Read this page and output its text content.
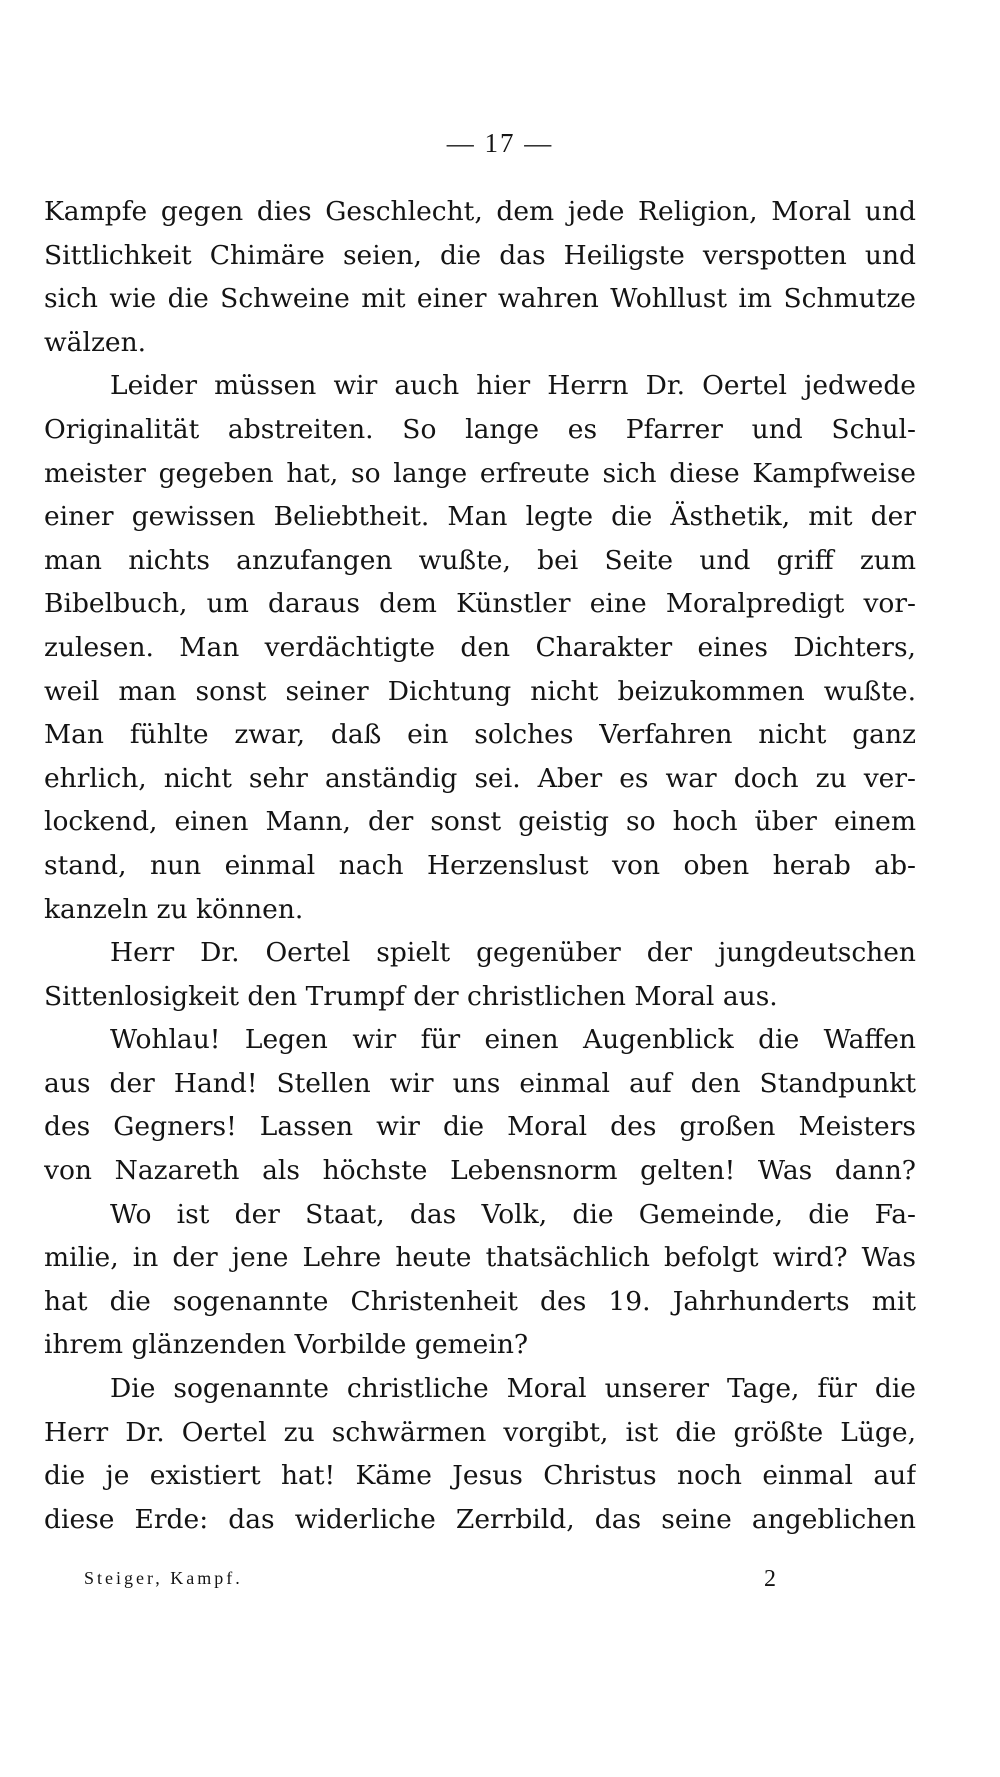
— 17 —
Kampfe gegen dies Geschlecht, dem jede Religion, Moral und
Sittlichkeit Chimäre seien, die das Heiligste verspotten und
sich wie die Schweine mit einer wahren Wohllust im Schmutze
wälzen.
Leider müssen wir auch hier Herrn Dr. Oertel jedwede
Originalität abstreiten. So lange es Pfarrer und Schul-
meister gegeben hat, so lange erfreute sich diese Kampfweise
einer gewissen Beliebtheit. Man legte die Ästhetik, mit der
man nichts anzufangen wußte, bei Seite und griff zum
Bibelbuch, um daraus dem Künstler eine Moralpredigt vor-
zulesen. Man verdächtigte den Charakter eines Dichters,
weil man sonst seiner Dichtung nicht beizukommen wußte.
Man fühlte zwar, daß ein solches Verfahren nicht ganz
ehrlich, nicht sehr anständig sei. Aber es war doch zu ver-
lockend, einen Mann, der sonst geistig so hoch über einem
stand, nun einmal nach Herzenslust von oben herab ab-
kanzeln zu können.
Herr Dr. Oertel spielt gegenüber der jungdeutschen
Sittenlosigkeit den Trumpf der christlichen Moral aus.
Wohlau! Legen wir für einen Augenblick die Waffen
aus der Hand! Stellen wir uns einmal auf den Standpunkt
des Gegners! Lassen wir die Moral des großen Meisters
von Nazareth als höchste Lebensnorm gelten! Was dann?
Wo ist der Staat, das Volk, die Gemeinde, die Fa-
milie, in der jene Lehre heute thatsächlich befolgt wird? Was
hat die sogenannte Christenheit des 19. Jahrhunderts mit
ihrem glänzenden Vorbilde gemein?
Die sogenannte christliche Moral unserer Tage, für die
Herr Dr. Oertel zu schwärmen vorgibt, ist die größte Lüge,
die je existiert hat! Käme Jesus Christus noch einmal auf
diese Erde: das widerliche Zerrbild, das seine angeblichen
Steiger, Kampf.	2
